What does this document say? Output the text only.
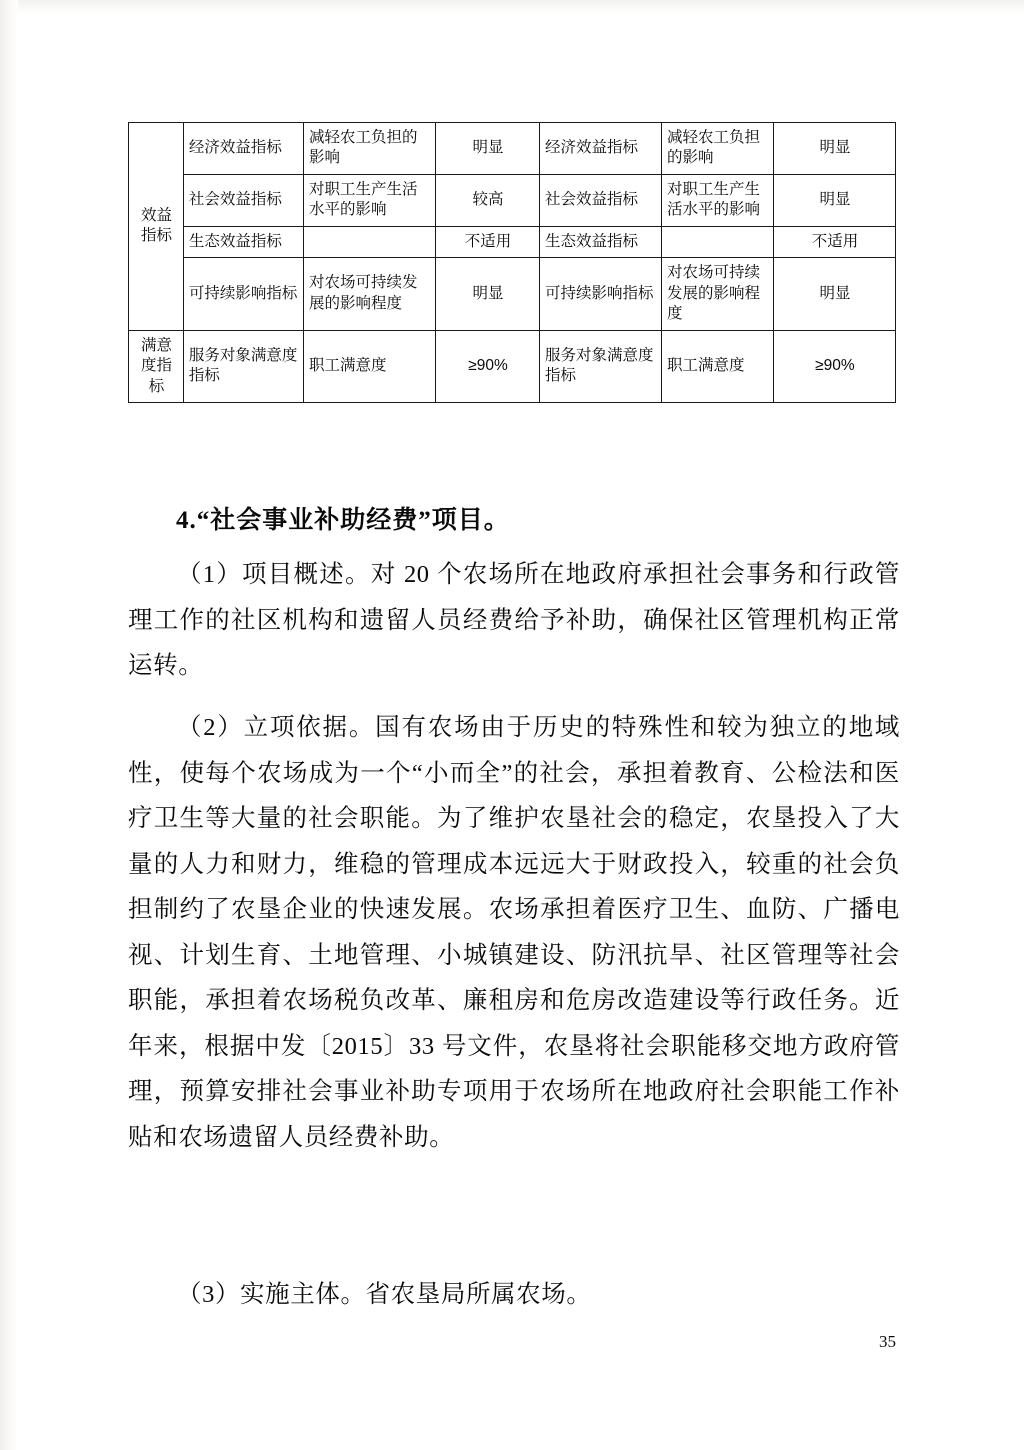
效益指标	经济效益指标	减轻农工负担的影响	明显	经济效益指标	减轻农工负担的影响	明显
	社会效益指标	对职工生产生活水平的影响	较高	社会效益指标	对职工生产生活水平的影响	明显
	生态效益指标		不适用	生态效益指标		不适用
	可持续影响指标	对农场可持续发展的影响程度	明显	可持续影响指标	对农场可持续发展的影响程度	明显
满意度指标	服务对象满意度指标	职工满意度	≥90%	服务对象满意度指标	职工满意度	≥90%
4.“社会事业补助经费”项目。
（1）项目概述。对 20 个农场所在地政府承担社会事务和行政管理工作的社区机构和遗留人员经费给予补助，确保社区管理机构正常运转。
（2）立项依据。国有农场由于历史的特殊性和较为独立的地域性，使每个农场成为一个“小而全”的社会，承担着教育、公检法和医疗卫生等大量的社会职能。为了维护农垦社会的稳定，农垦投入了大量的人力和财力，维稳的管理成本远远大于财政投入，较重的社会负担制约了农垦企业的快速发展。农场承担着医疗卫生、血防、广播电视、计划生育、土地管理、小城镇建设、防汛抗旱、社区管理等社会职能，承担着农场税负改革、廉租房和危房改造建设等行政任务。近年来，根据中发〔2015〕33 号文件，农垦将社会职能移交地方政府管理，预算安排社会事业补助专项用于农场所在地政府社会职能工作补贴和农场遗留人员经费补助。
（3）实施主体。省农垦局所属农场。
35
